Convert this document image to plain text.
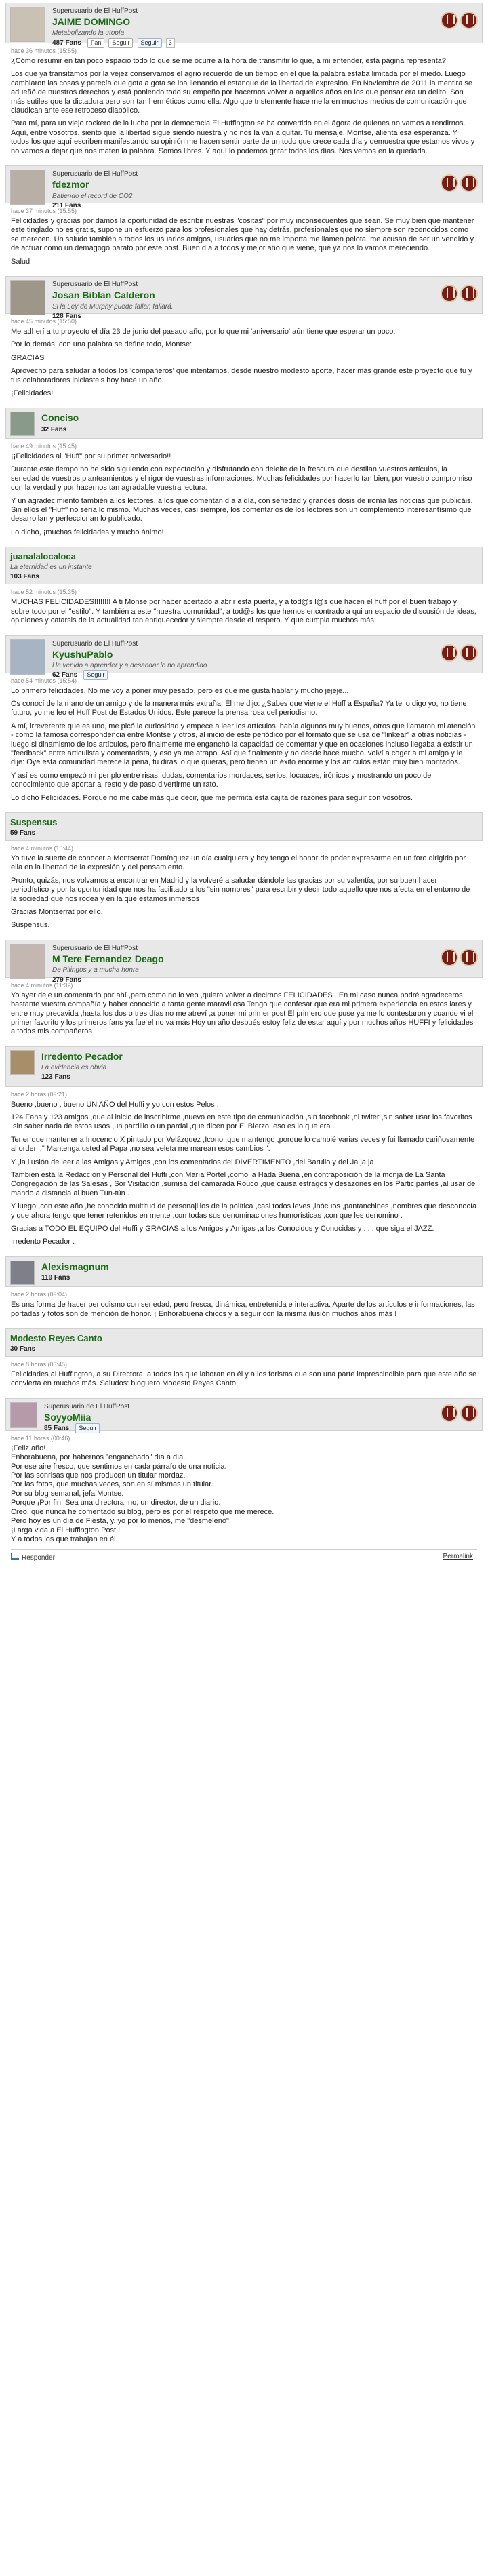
Superusuario de El HuffPost
JAIME DOMINGO
Metabolizando la utopía
487 Fans Fan Seguir Seguir 3
hace 36 minutos (15:55)

¿Cómo resumir en tan poco espacio todo lo que se me ocurre a la hora de transmitir lo que, a mi entender, esta página representa?

Los que ya transitamos por la vejez conservamos el agrio recuerdo de un tiempo en el que la palabra estaba limitada por el miedo. Luego cambiaron las cosas y parecía que gota a gota se iba llenando el estanque de la libertad de expresión. En Noviembre de 2011 la mentira se adueñó de nuestros derechos y está poniendo todo su empeño por hacernos volver a aquellos años en los que pensar era un delito. Son más sutiles que la dictadura pero son tan herméticos como ella. Algo que tristemente hace mella en muchos medios de comunicación que claudican ante ese retroceso diabólico.

Para mí, para un viejo rockero de la lucha por la democracia El Huffington se ha convertido en el ágora de quienes no vamos a rendirnos. Aquí, entre vosotros, siento que la libertad sigue siendo nuestra y no nos la van a quitar. Tu mensaje, Montse, alienta esa esperanza. Y todos los que aquí escriben manifestando su opinión me hacen sentir parte de un todo que crece cada día y demuestra que estamos vivos y no vamos a dejar que nos maten la palabra. Somos libres. Y aquí lo podemos gritar todos los días. Nos vemos en la quedada.

Superusuario de El HuffPost
fdezmor
Batiendo el record de CO2
211 Fans
hace 37 minutos (15:55)

Felicidades y gracias por damos la oportunidad de escribir nuestras "cositas" por muy inconsecuentes que sean. Se muy bien que mantener este tinglado no es gratis, supone un esfuerzo para los profesionales que hay detrás, profesionales que no siempre son reconocidos como se merecen. Un saludo también a todos los usuarios amigos, usuarios que no me importa me llamen pelota, me acusan de ser un vendido y de actuar como un demagogo barato por este post. Buen día a todos y mejor año que viene, que ya nos lo vamos mereciendo.

Salud

Superusuario de El HuffPost
Josan Biblan Calderon
Si la Ley de Murphy puede fallar, fallará.
128 Fans
hace 45 minutos (15:50)

Me adherí a tu proyecto el día 23 de junio del pasado año, por lo que mi 'aniversario' aún tiene que esperar un poco.

Por lo demás, con una palabra se define todo, Montse:

GRACIAS

Aprovecho para saludar a todos los 'compañeros' que intentamos, desde nuestro modesto aporte, hacer más grande este proyecto que tú y tus colaboradores iniciasteis hoy hace un año.

¡Felicidades!

Conciso
32 Fans
hace 49 minutos (15:45)

¡¡Felicidades al "Huff" por su primer aniversario!!

Durante este tiempo no he sido siguiendo con expectación y disfrutando con deleite de la frescura que destilan vuestros artículos, la seriedad de vuestros planteamientos y el rigor de vuestras informaciones. Muchas felicidades por hacerlo tan bien, por vuestro compromiso con la verdad y por hacernos tan agradable vuestra lectura.

Y un agradecimiento también a los lectores, a los que comentan día a día, con seriedad y grandes dosis de ironía las noticias que publicáis. Sin ellos el "Huff" no sería lo mismo. Muchas veces, casi siempre, los comentarios de los lectores son un complemento interesantísimo que desarrollan y perfeccionan lo publicado.

Lo dicho, ¡muchas felicidades y mucho ánimo!

juanalalocaloca
La eternidad es un instante
103 Fans
hace 52 minutos (15:35)

MUCHAS FELICIDADES!!!!!!!! A ti Monse por haber acertado a abrir esta puerta, y a tod@s l@s que hacen el huff por el buen trabajo y sobre todo por el "estilo". Y también a este "nuestra comunidad", a tod@s los que hemos encontrado a qui un espacio de discusión de ideas, opiniones y catarsis de la actualidad tan enriquecedor y siempre desde el respeto. Y que cumpla muchos más!

Superusuario de El HuffPost
KyushuPablo
He venido a aprender y a desandar lo no aprendido
62 Fans Seguir
hace 54 minutos (15:54)

Lo primero felicidades. No me voy a poner muy pesado, pero es que me gusta hablar y mucho jejeje...

Os conocí de la mano de un amigo y de la manera más extraña. Él me dijo: ¿Sabes que viene el Huff a España? Ya te lo digo yo, no tiene futuro, yo me leo el Huff Post de Estados Unidos. Este parece la prensa rosa del periodismo.

A mí, irreverente que es uno, me picó la curiosidad y empece a leer los artículos, había algunos muy buenos, otros que llamaron mi atención - como la famosa correspondencia entre Montse y otros, al inicio de este periódico por el formato que se usa de "linkear" a otras noticias - luego si dinamismo de los artículos, pero finalmente me enganchó la capacidad de comentar y que en ocasiones incluso llegaba a existir un "feedback" entre articulista y comentarista, y eso ya me atrapo. Así que finalmente y no desde hace mucho, volví a coger a mi amigo y le dije: Oye esta comunidad merece la pena, tu dirás lo que quieras, pero tienen un éxito enorme y los artículos están muy bien montados.

Y así es como empezó mi periplo entre risas, dudas, comentarios mordaces, serios, locuaces, irónicos y mostrando un poco de conocimiento que aportar al resto y de paso divertirme un rato.

Lo dicho Felicidades. Porque no me cabe más que decir, que me permita esta cajita de razones para seguir con vosotros.

Suspensus
59 Fans
hace 4 minutos (15:44)

Yo tuve la suerte de conocer a Montserrat Domínguez un día cualquiera y hoy tengo el honor de poder expresarme en un foro dirigido por ella en la libertad de la expresión y del pensamiento.

Pronto, quizás, nos volvamos a encontrar en Madrid y la volveré a saludar dándole las gracias por su valentía, por su buen hacer periodístico y por la oportunidad que nos ha facilitado a los "sin nombres" para escribir y decir todo aquello que nos afecta en el entorno de la sociedad que nos rodea y en la que estamos inmersos

Gracias Montserrat por ello.

Suspensus.

Superusuario de El HuffPost
M Tere Fernandez Deago
De Pilingos y a mucha honra
279 Fans
hace 4 minutos (11:32)

Yo ayer deje un comentario por ahí ,pero como no lo veo ,quiero volver a decirnos FELICIDADES . En mi caso nunca podré agradeceros bastante vuestra compañía y haber conocido a tanta gente maravillosa Tengo que confesar que era mi primera experiencia en estos lares y entre muy precavida ,hasta los dos o tres días no me atreví ,a poner mi primer post El primero que puse ya me lo contestaron y cuando vi el primer favorito y los primeros fans ya fue el no va más Hoy un año después estoy feliz de estar aquí y por muchos años HUFFI y felicidades a todos mis compañeros

Irredento Pecador
La evidencia es obvia
123 Fans
hace 2 horas (09:21)

Bueno ,bueno , bueno UN AÑO del Huffi y yo con estos Pelos .

124 Fans y 123 amigos ,que al inicio de inscribirme ,nuevo en este tipo de comunicación ,sin facebook ,ni twiter ,sin saber usar los favoritos ,sin saber nada de estos usos ,un pardillo o un pardal ,que dicen por El Bierzo ,eso es lo que era .

Tener que mantener a Inocencio X pintado por Velázquez ,Icono ,que mantengo ,porque lo cambié varias veces y fui llamado cariñosamente al orden ," Mantenga usted al Papa ,no sea veleta me marean esos cambios ".

Y ,la ilusión de leer a las Amigas y Amigos ,con los comentarios del DIVERTIMENTO ,del Barullo y del Ja ja ja

También está la Redacción y Personal del Huffi ,con María Portel ,como la Hada Buena ,en contraposición de la monja de La Santa Congregación de las Salesas , Sor Visitación ,sumisa del camarada Rouco ,que causa estragos y desazones en los Participantes ,al usar del mando a distancia al buen Tun-tún .

Y luego ,con este año ,he conocido multitud de personajillos de la política ,casi todos leves ,inócuos ,pantanchines ,nombres que desconocía y que ahora tengo que tener retenidos en mente ,con todas sus denominaciones humorísticas ,con que les denomino .

Gracias a TODO EL EQUIPO del Huffi y GRACIAS a los Amigos y Amigas ,a los Conocidos y Conocidas y . . . que siga el JAZZ.

Irredento Pecador .

Alexismagnum
119 Fans
hace 2 horas (09:04)

Es una forma de hacer periodismo con seriedad, pero fresca, dinámica, entretenida e interactiva. Aparte de los artículos e informaciones, las portadas y fotos son de mención de honor. ¡ Enhorabuena chicos y a seguir con la misma ilusión muchos años más !

Modesto Reyes Canto
30 Fans
hace 8 horas (03:45)

Felicidades al Huffington, a su Directora, a todos los que laboran en él y a los foristas que son una parte imprescindible para que este año se convierta en muchos más. Saludos: bloguero Modesto Reyes Canto.

Superusuario de El HuffPost
SoyyoMiia
85 Fans Seguir
hace 11 horas (00:46)

¡Feliz año!

Enhorabuena, por habernos "enganchado" día a día.

Por ese aire fresco, que sentimos en cada párrafo de una noticia.

Por las sonrisas que nos producen un titular mordaz.

Por las fotos, que muchas veces, son en sí mismas un titular.

Por su blog semanal, jefa Montse.

Porque ¡Por fin! Sea una directora, no, un director, de un diario.

Creo, que nunca he comentado su blog, pero es por el respeto que me merece.

Pero hoy es un día de Fiesta, y, yo por lo menos, me "desmelenó".

¡Larga vida a El Huffington Post !

Y a todos los que trabajan en él.

Responder	Permalink
